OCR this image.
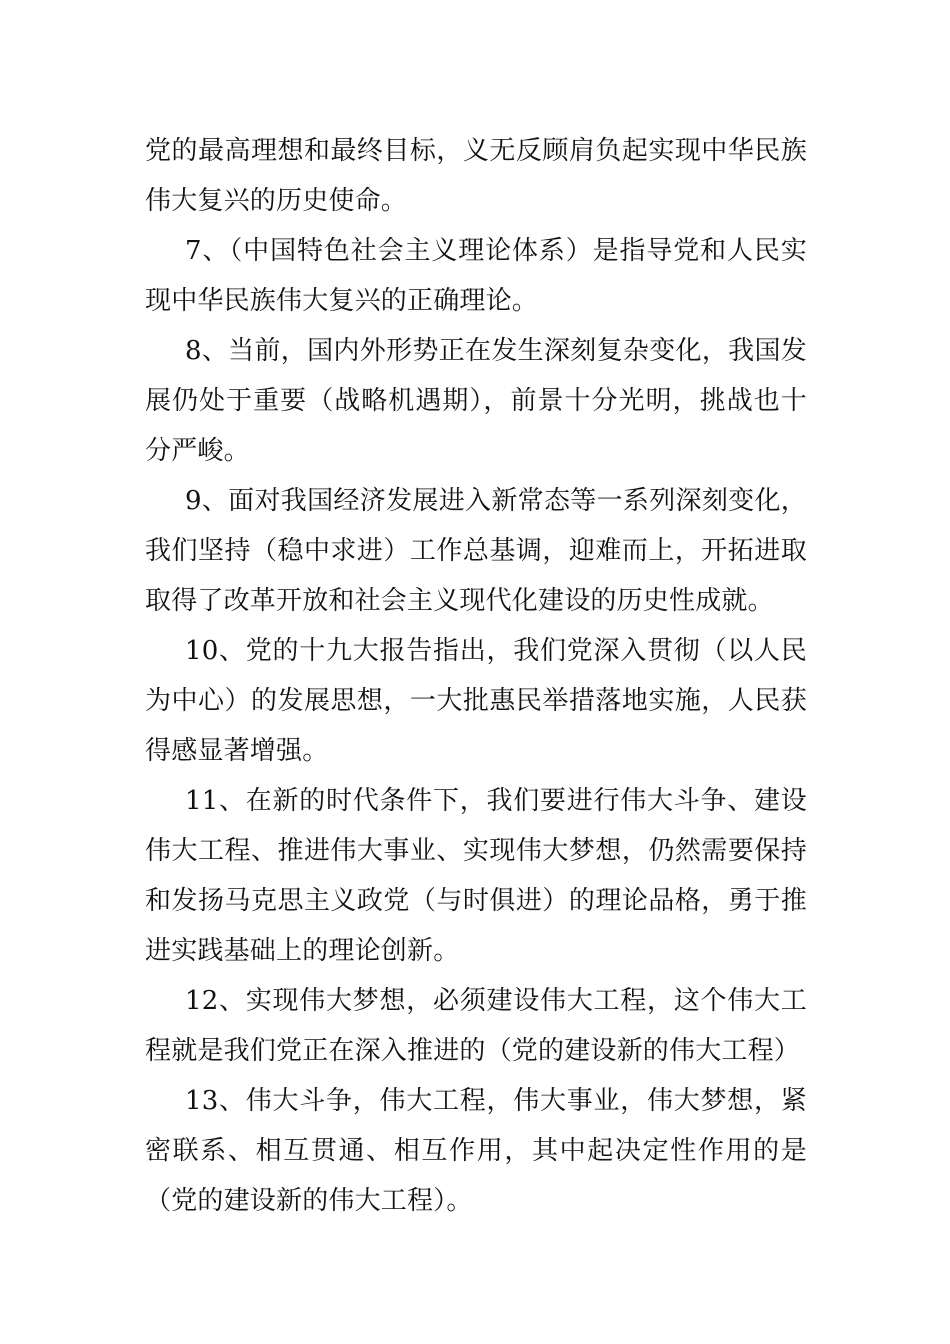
党的最高理想和最终目标，义无反顾肩负起实现中华民族伟大复兴的历史使命。

7、（中国特色社会主义理论体系）是指导党和人民实现中华民族伟大复兴的正确理论。

8、当前，国内外形势正在发生深刻复杂变化，我国发展仍处于重要（战略机遇期），前景十分光明，挑战也十分严峻。

9、面对我国经济发展进入新常态等一系列深刻变化，我们坚持（稳中求进）工作总基调，迎难而上，开拓进取取得了改革开放和社会主义现代化建设的历史性成就。

10、党的十九大报告指出，我们党深入贯彻（以人民为中心）的发展思想，一大批惠民举措落地实施，人民获得感显著增强。

11、在新的时代条件下，我们要进行伟大斗争、建设伟大工程、推进伟大事业、实现伟大梦想，仍然需要保持和发扬马克思主义政党（与时俱进）的理论品格，勇于推进实践基础上的理论创新。

12、实现伟大梦想，必须建设伟大工程，这个伟大工程就是我们党正在深入推进的（党的建设新的伟大工程）

13、伟大斗争，伟大工程，伟大事业，伟大梦想，紧密联系、相互贯通、相互作用，其中起决定性作用的是（党的建设新的伟大工程）。
